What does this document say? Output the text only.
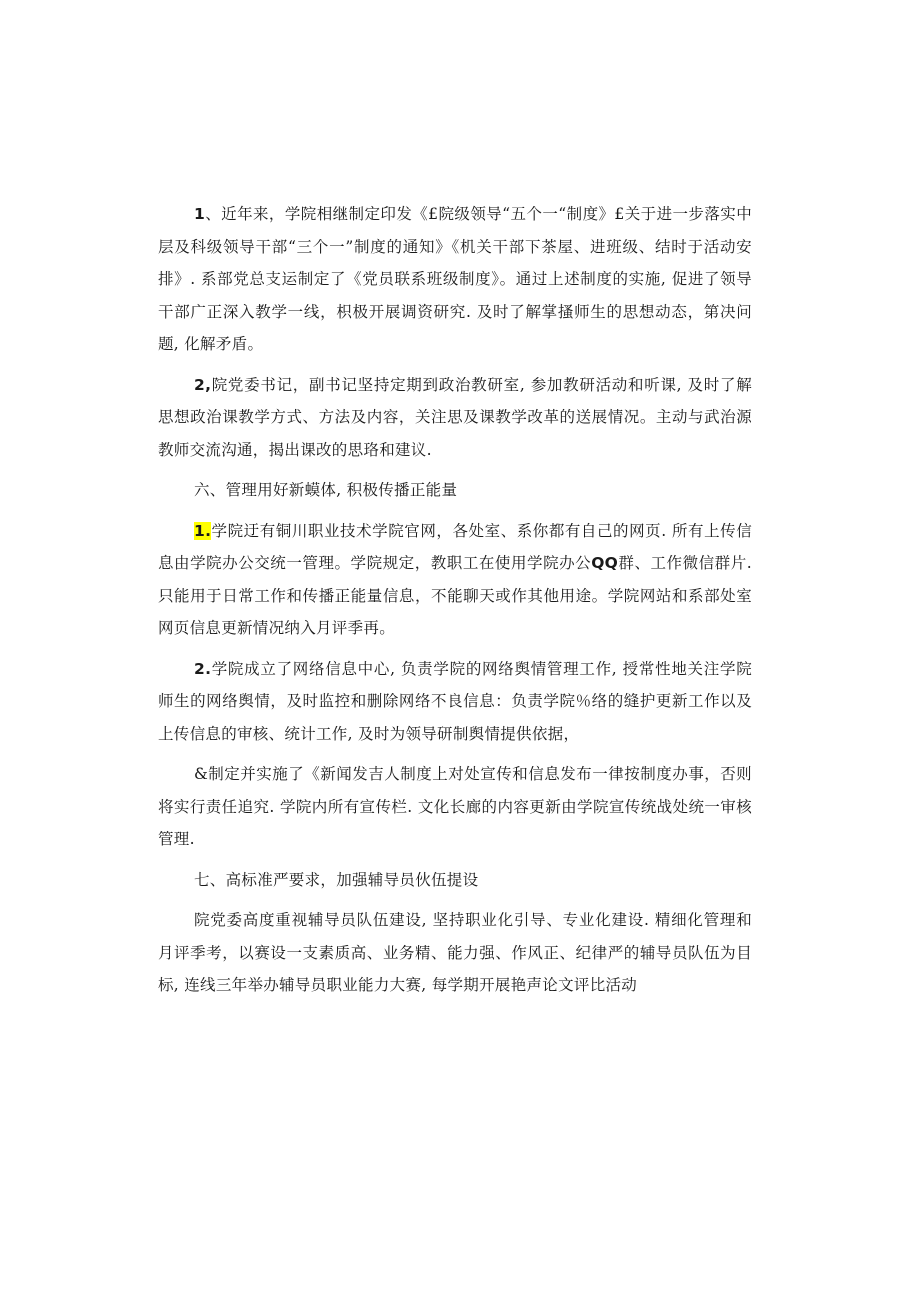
1、近年来，学院相继制定印发《£院级领导“五个一“制度》£关于进一步落实中层及科级领导干部“三个一”制度的通知》《机关干部下茶屋、进班级、结时于活动安排》. 系部党总支运制定了《党员联系班级制度》。通过上述制度的实施, 促进了领导干部广正深入教学一线，枳极开展调资研究. 及时了解掌搔师生的思想动态，第决问题, 化解矛盾。

2,院党委书记，副书记坚持定期到政治教研室, 参加教研活动和听课, 及时了解思想政治课教学方式、方法及内容，关注思及课教学改革的送展情况。主动与武治源教师交流沟通，揭出课改的思珞和建议.

六、管理用好新蟆体, 积极传播正能量

1.学院迂有铜川职业技术学院官网，各处室、系你都有自己的网页. 所有上传信息由学院办公交统一管理。学院规定，教职工在使用学院办公QQ群、工作微信群片. 只能用于日常工作和传播正能量信息，不能聊天或作其他用途。学院网站和系部处室网页信息更新情况纳入月评季再。

2.学院成立了网络信息中心, 负责学院的网络舆情管理工作, 授常性地关注学院师生的网络舆情，及时监控和删除网络不良信息：负责学院％络的缝护更新工作以及上传信息的审核、统计工作, 及时为领导研制舆情提供依据，

&制定并实施了《新闻发吉人制度上对处宣传和信息发布一律按制度办事，否则将实行责任追究. 学院内所有宣传栏. 文化长廊的内容更新由学院宣传统战处统一审核管理.

七、高标准严要求，加强辅导员伙伍提设

院党委高度重视辅导员队伍建设, 坚持职业化引导、专业化建设. 精细化管理和月评季考，以赛设一支素质高、业务精、能力强、作风正、纪律严的辅导员队伍为目标, 连线三年举办辅导员职业能力大赛, 每学期开展艳声论文评比活动
